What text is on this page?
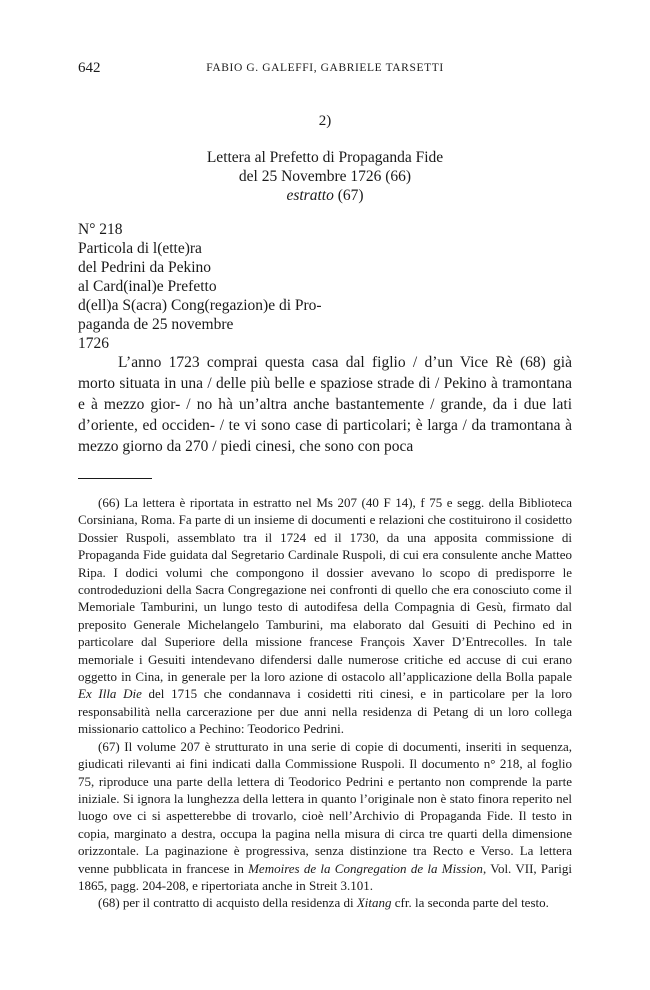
642	FABIO G. GALEFFI, GABRIELE TARSETTI
2)
Lettera al Prefetto di Propaganda Fide
del 25 Novembre 1726 (66)
estratto (67)
N° 218
Particola di l(ette)ra
del Pedrini da Pekino
al Card(inal)e Prefetto
d(ell)a S(acra) Cong(regazion)e di Pro-
paganda de 25 novembre
1726

L’anno 1723 comprai questa casa dal figlio / d’un Vice Rè (68) già morto situata in una / delle più belle e spaziose strade di / Pekino à tramontana e à mezzo gior- / no hà un’altra anche bastantemente / grande, da i due lati d’oriente, ed occiden- / te vi sono case di particolari; è larga / da tramontana à mezzo giorno da 270 / piedi cinesi, che sono con poca

(66) La lettera è riportata in estratto nel Ms 207 (40 F 14), f 75 e segg. della Biblioteca Corsiniana, Roma. Fa parte di un insieme di documenti e relazioni che costituirono il cosidetto Dossier Ruspoli, assemblato tra il 1724 ed il 1730, da una apposita commissione di Propaganda Fide guidata dal Segretario Cardinale Ruspoli, di cui era consulente anche Matteo Ripa. I dodici volumi che compongono il dossier avevano lo scopo di predisporre le controdeduzioni della Sacra Congregazione nei confronti di quello che era conosciuto come il Memoriale Tamburini, un lungo testo di autodifesa della Compagnia di Gesù, firmato dal preposito Generale Michelangelo Tamburini, ma elaborato dal Gesuiti di Pechino ed in particolare dal Superiore della missione francese François Xaver D’Entrecolles. In tale memoriale i Gesuiti intendevano difendersi dalle numerose critiche ed accuse di cui erano oggetto in Cina, in generale per la loro azione di ostacolo all’applicazione della Bolla papale Ex Illa Die del 1715 che condannava i cosidetti riti cinesi, e in particolare per la loro responsabilità nella carcerazione per due anni nella residenza di Petang di un loro collega missionario cattolico a Pechino: Teodorico Pedrini.

(67) Il volume 207 è strutturato in una serie di copie di documenti, inseriti in sequenza, giudicati rilevanti ai fini indicati dalla Commissione Ruspoli. Il documento n° 218, al foglio 75, riproduce una parte della lettera di Teodorico Pedrini e pertanto non comprende la parte iniziale. Si ignora la lunghezza della lettera in quanto l’originale non è stato finora reperito nel luogo ove ci si aspetterebbe di trovarlo, cioè nell’Archivio di Propaganda Fide. Il testo in copia, marginato a destra, occupa la pagina nella misura di circa tre quarti della dimensione orizzontale. La paginazione è progressiva, senza distinzione tra Recto e Verso. La lettera venne pubblicata in francese in Memoires de la Congregation de la Mission, Vol. VII, Parigi 1865, pagg. 204-208, e ripertoriata anche in Streit 3.101.

(68) per il contratto di acquisto della residenza di Xitang cfr. la seconda parte del testo.
